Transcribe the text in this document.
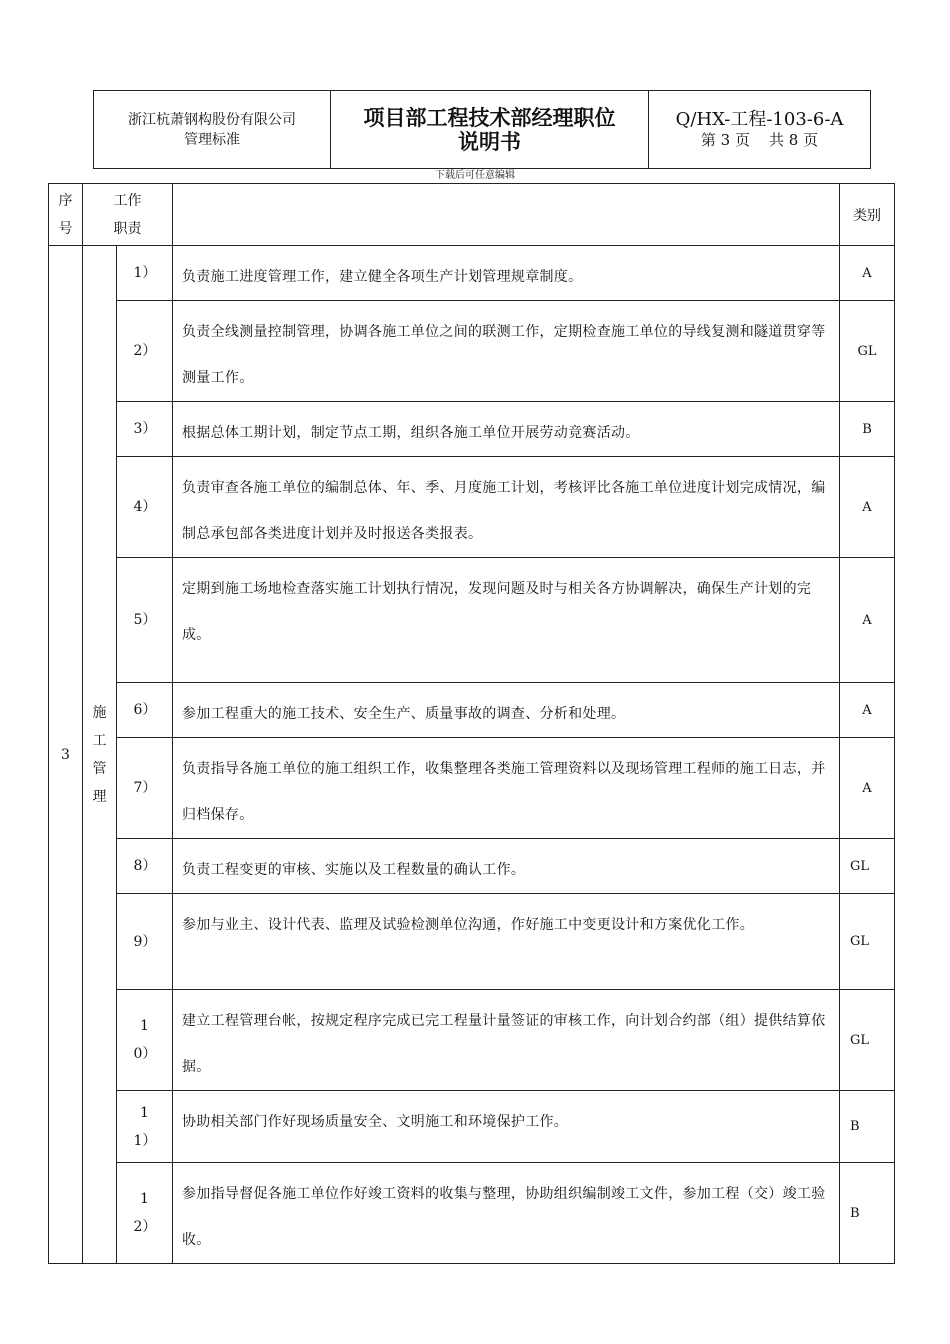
浙江杭萧钢构股份有限公司
管理标准
项目部工程技术部经理职位
说明书
Q/HX-工程-103-6-A
第 3 页    共 8 页
下载后可任意编辑
序
号	工作
职责			类别
3	施
工
管
理	1）	负责施工进度管理工作，建立健全各项生产计划管理规章制度。	A
		2）	负责全线测量控制管理，协调各施工单位之间的联测工作，定期检查施工单位的导线复测和隧道贯穿等测量工作。	GL
		3）	根据总体工期计划，制定节点工期，组织各施工单位开展劳动竞赛活动。	B
		4）	负责审查各施工单位的编制总体、年、季、月度施工计划，考核评比各施工单位进度计划完成情况，编制总承包部各类进度计划并及时报送各类报表。	A
		5）	定期到施工场地检查落实施工计划执行情况，发现问题及时与相关各方协调解决，确保生产计划的完成。	A
		6）	参加工程重大的施工技术、安全生产、质量事故的调查、分析和处理。	A
		7）	负责指导各施工单位的施工组织工作，收集整理各类施工管理资料以及现场管理工程师的施工日志，并归档保存。	A
		8）	负责工程变更的审核、实施以及工程数量的确认工作。	GL
		9）	参加与业主、设计代表、监理及试验检测单位沟通，作好施工中变更设计和方案优化工作。	GL
		10）	建立工程管理台帐，按规定程序完成已完工程量计量签证的审核工作，向计划合约部（组）提供结算依据。	GL
		11）	协助相关部门作好现场质量安全、文明施工和环境保护工作。	B
		12）	参加指导督促各施工单位作好竣工资料的收集与整理，协助组织编制竣工文件，参加工程（交）竣工验收。	B
